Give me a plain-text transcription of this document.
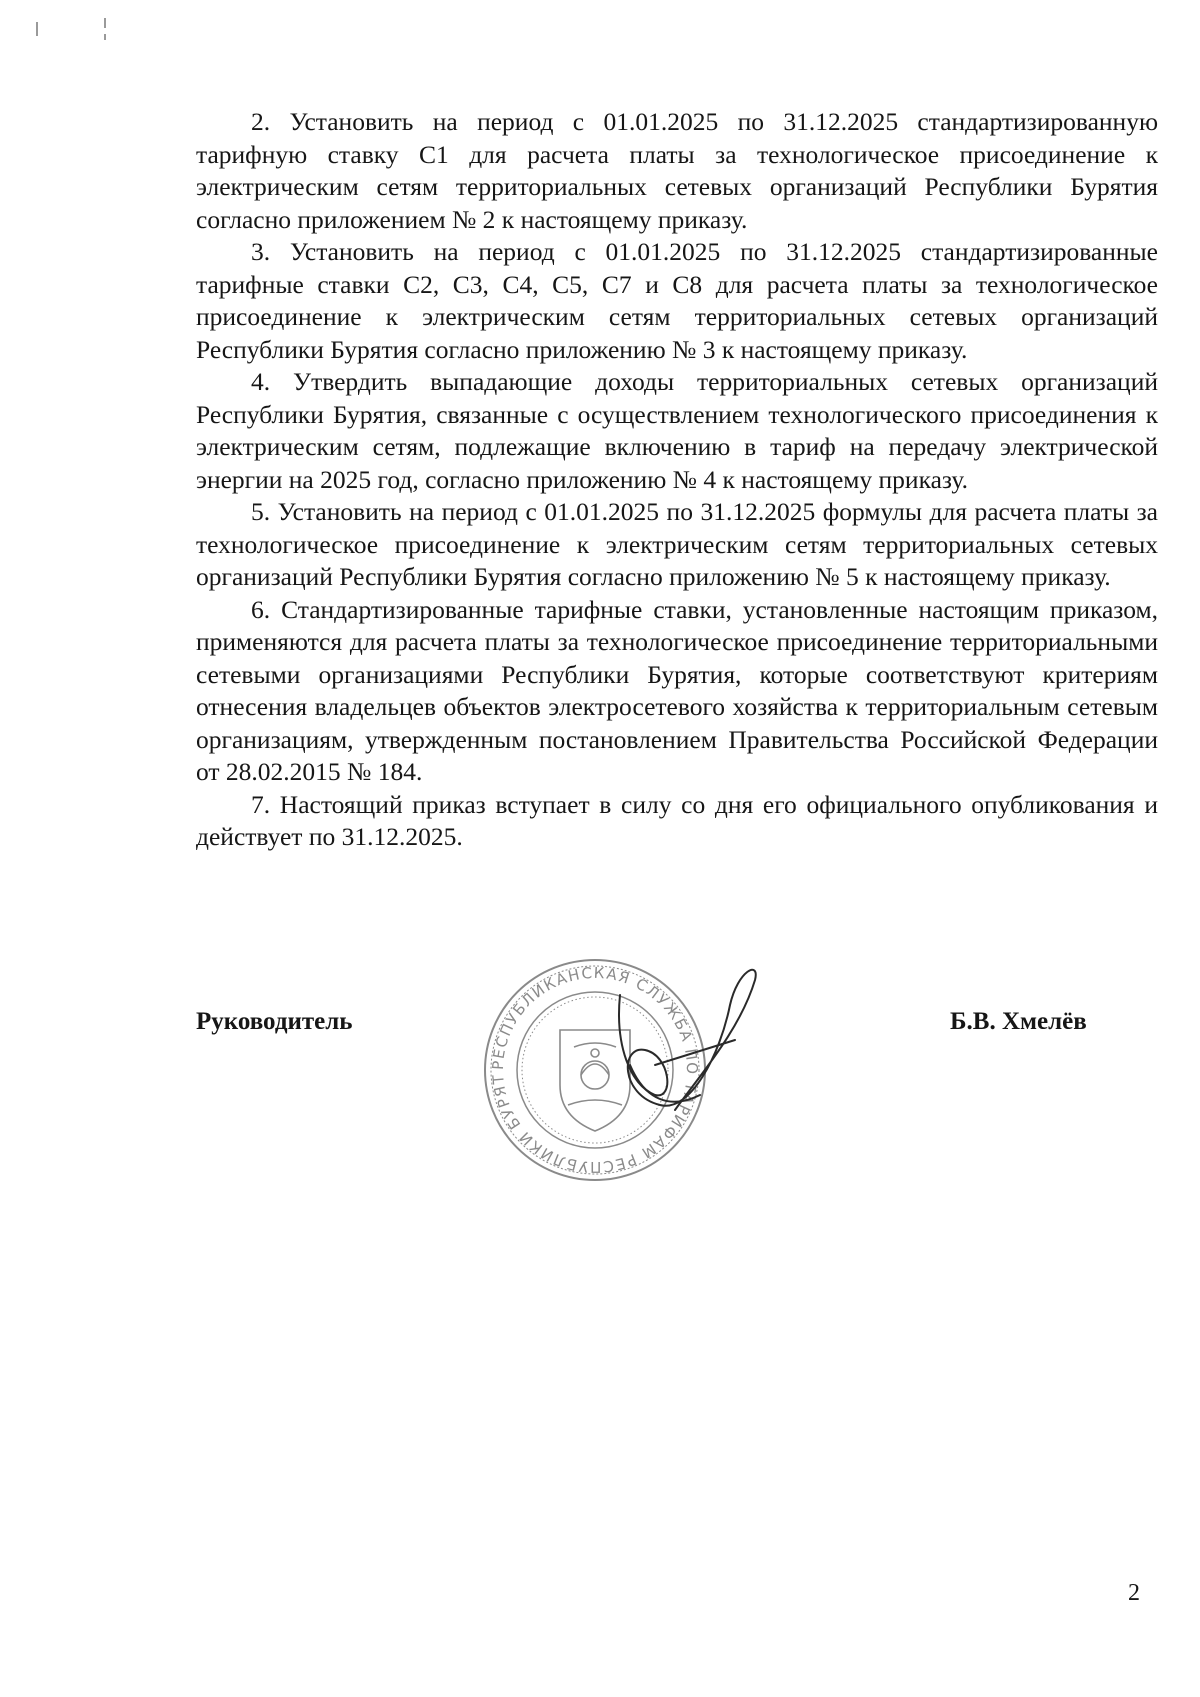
2. Установить на период с 01.01.2025 по 31.12.2025 стандартизированную тарифную ставку С1 для расчета платы за технологическое присоединение к электрическим сетям территориальных сетевых организаций Республики Бурятия согласно приложением № 2 к настоящему приказу.

3. Установить на период с 01.01.2025 по 31.12.2025 стандартизированные тарифные ставки С2, С3, С4, С5, С7 и С8 для расчета платы за технологическое присоединение к электрическим сетям территориальных сетевых организаций Республики Бурятия согласно приложению № 3 к настоящему приказу.

4. Утвердить выпадающие доходы территориальных сетевых организаций Республики Бурятия, связанные с осуществлением технологического присоединения к электрическим сетям, подлежащие включению в тариф на передачу электрической энергии на 2025 год, согласно приложению № 4 к настоящему приказу.

5. Установить на период с 01.01.2025 по 31.12.2025 формулы для расчета платы за технологическое присоединение к электрическим сетям территориальных сетевых организаций Республики Бурятия согласно приложению № 5 к настоящему приказу.

6. Стандартизированные тарифные ставки, установленные настоящим приказом, применяются для расчета платы за технологическое присоединение территориальными сетевыми организациями Республики Бурятия, которые соответствуют критериям отнесения владельцев объектов электросетевого хозяйства к территориальным сетевым организациям, утвержденным постановлением Правительства Российской Федерации от 28.02.2015 № 184.

7. Настоящий приказ вступает в силу со дня его официального опубликования и действует по 31.12.2025.

РЕСПУБЛИКАНСКАЯ СЛУЖБА ПО ТАРИФАМ РЕСПУБЛИКИ БУРЯТ
Руководитель	Б.В. Хмелёв
2
